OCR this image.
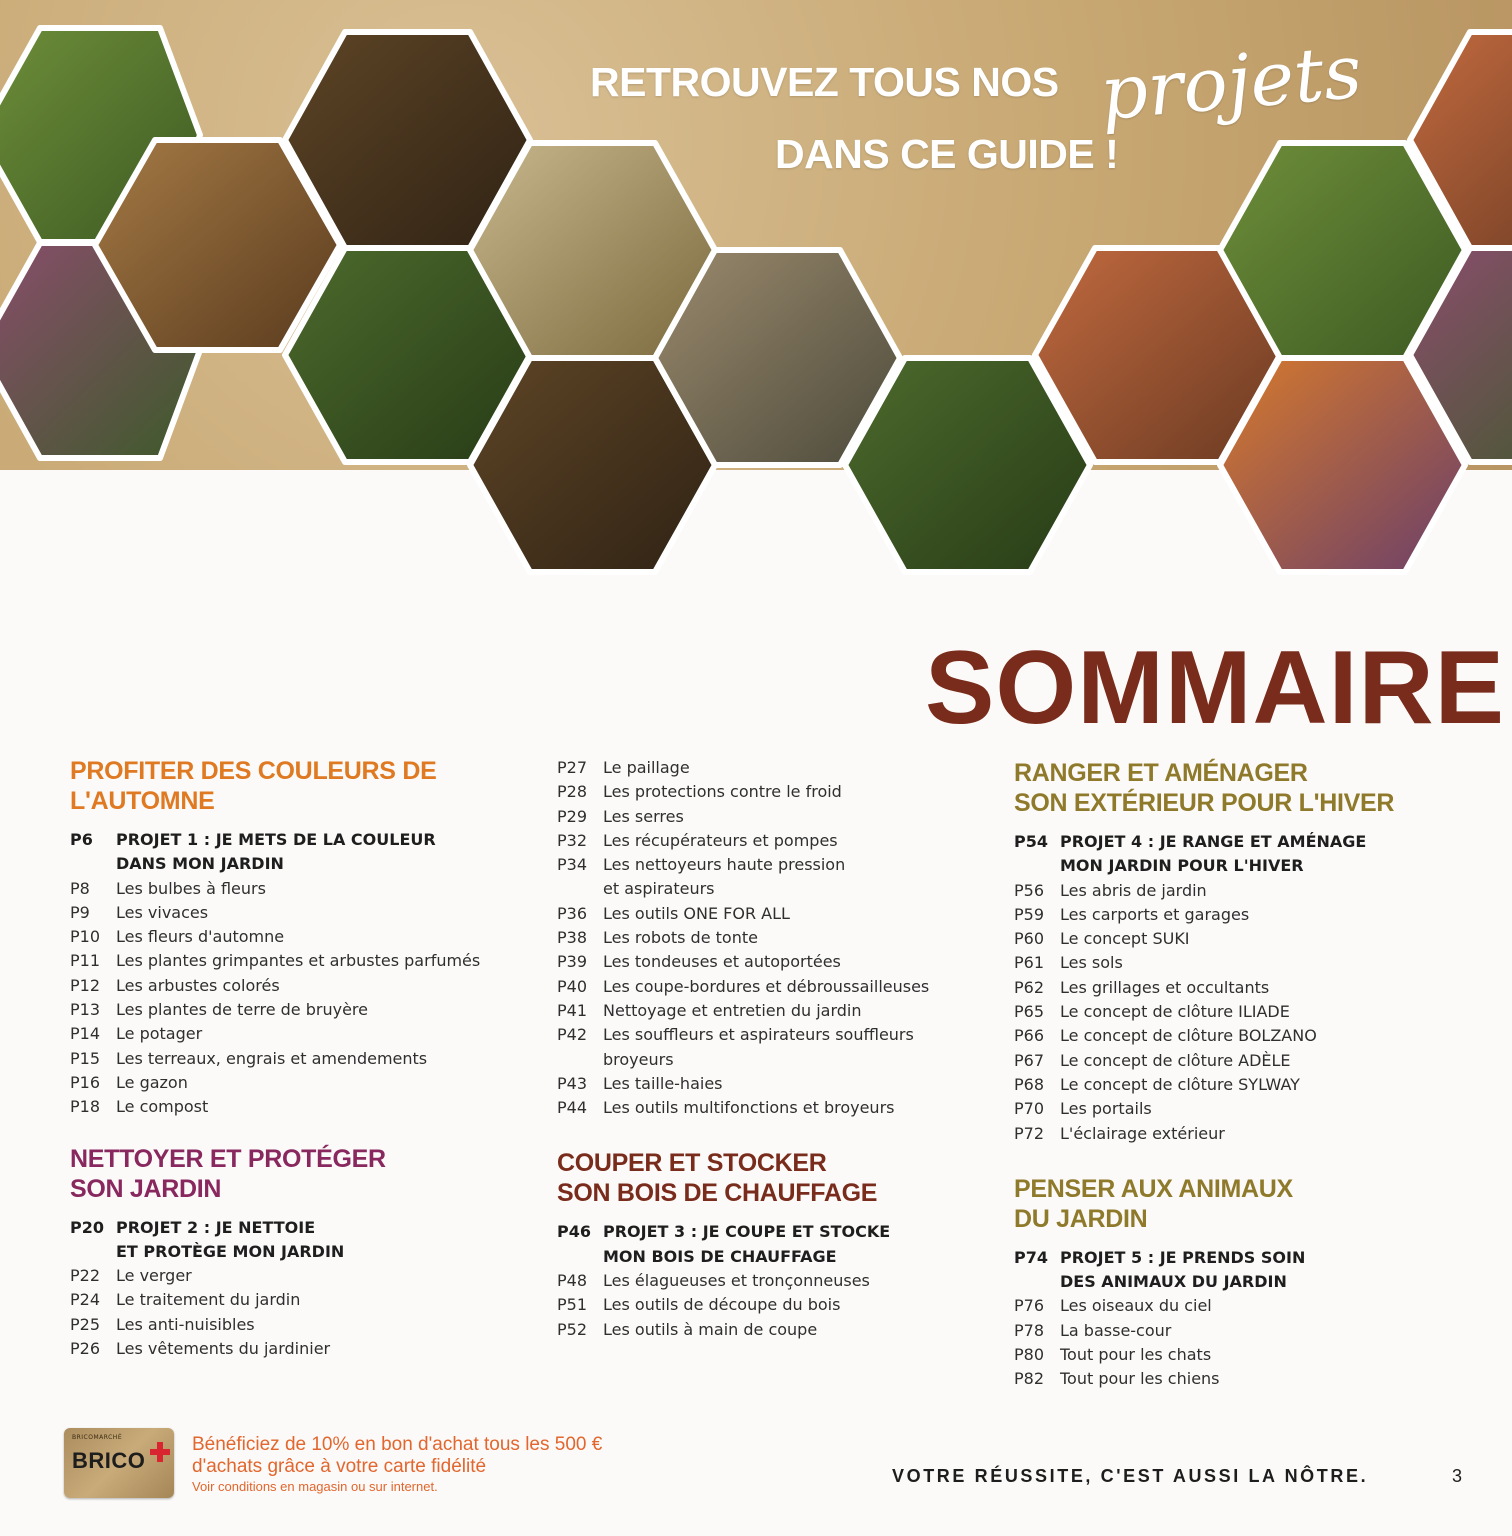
RETROUVEZ TOUS NOS
DANS CE GUIDE !
projets
SOMMAIRE
PROFITER DES COULEURS DE
L'AUTOMNE
P6	PROJET 1 : JE METS DE LA COULEUR
DANS MON JARDIN
P8	Les bulbes à fleurs
P9	Les vivaces
P10 Les fleurs d'automne
P11 Les plantes grimpantes et arbustes parfumés
P12 Les arbustes colorés
P13 Les plantes de terre de bruyère
P14 Le potager
P15 Les terreaux, engrais et amendements
P16 Le gazon
P18 Le compost
NETTOYER ET PROTÉGER
SON JARDIN
P20 PROJET 2 : JE NETTOIE
ET PROTÈGE MON JARDIN
P22 Le verger
P24 Le traitement du jardin
P25 Les anti-nuisibles
P26 Les vêtements du jardinier
P27 Le paillage
P28 Les protections contre le froid
P29 Les serres
P32 Les récupérateurs et pompes
P34 Les nettoyeurs haute pression
et aspirateurs
P36 Les outils ONE FOR ALL
P38 Les robots de tonte
P39 Les tondeuses et autoportées
P40 Les coupe-bordures et débroussailleuses
P41 Nettoyage et entretien du jardin
P42 Les souffleurs et aspirateurs souffleurs
broyeurs
P43 Les taille-haies
P44 Les outils multifonctions et broyeurs
COUPER ET STOCKER
SON BOIS DE CHAUFFAGE
P46 PROJET 3 : JE COUPE ET STOCKE
MON BOIS DE CHAUFFAGE
P48 Les élagueuses et tronçonneuses
P51 Les outils de découpe du bois
P52 Les outils à main de coupe
RANGER ET AMÉNAGER
SON EXTÉRIEUR POUR L'HIVER
P54 PROJET 4 : JE RANGE ET AMÉNAGE
MON JARDIN POUR L'HIVER
P56 Les abris de jardin
P59 Les carports et garages
P60 Le concept SUKI
P61 Les sols
P62 Les grillages et occultants
P65 Le concept de clôture ILIADE
P66 Le concept de clôture BOLZANO
P67 Le concept de clôture ADÈLE
P68 Le concept de clôture SYLWAY
P70 Les portails
P72 L'éclairage extérieur
PENSER AUX ANIMAUX
DU JARDIN
P74 PROJET 5 : JE PRENDS SOIN
DES ANIMAUX DU JARDIN
P76 Les oiseaux du ciel
P78 La basse-cour
P80 Tout pour les chats
P82 Tout pour les chiens
BRICOMARCHÉ
BRICO
Bénéficiez de 10% en bon d'achat tous les 500 €
d'achats grâce à votre carte fidélité
Voir conditions en magasin ou sur internet.
VOTRE RÉUSSITE, C'EST AUSSI LA NÔTRE.	3
